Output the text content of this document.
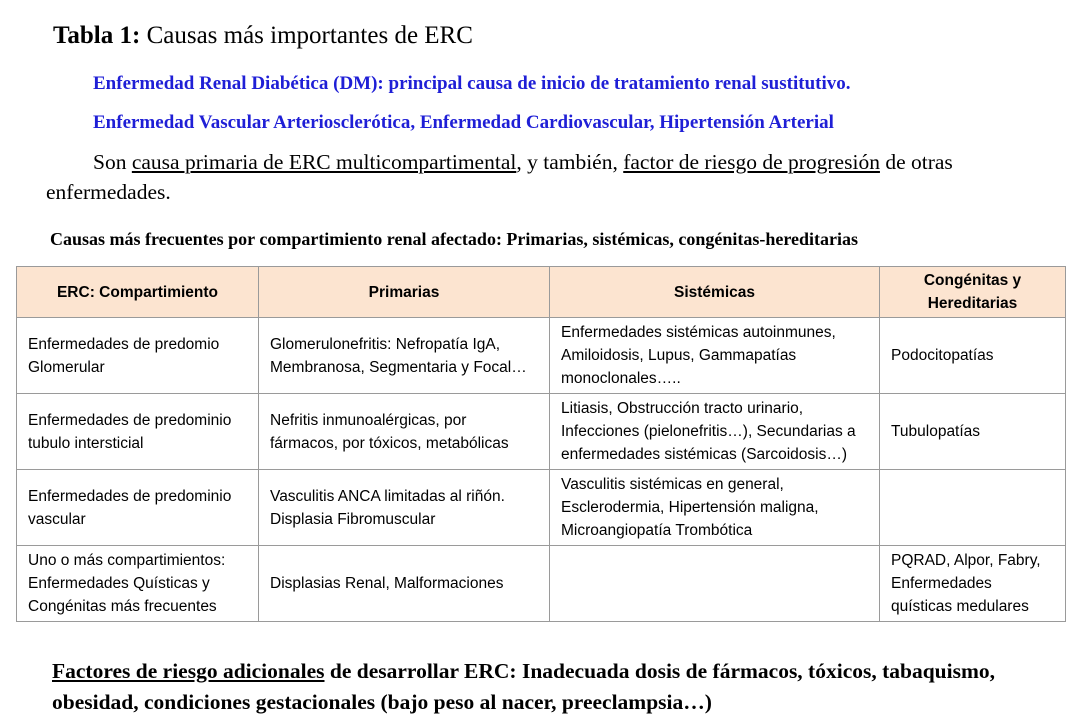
Tabla 1: Causas más importantes de ERC
Enfermedad Renal Diabética (DM): principal causa de inicio de tratamiento renal sustitutivo.
Enfermedad Vascular Arteriosclerótica, Enfermedad Cardiovascular, Hipertensión Arterial
Son causa primaria de ERC multicompartimental, y también, factor de riesgo de progresión de otras enfermedades.
Causas más frecuentes por compartimiento renal afectado: Primarias, sistémicas, congénitas-hereditarias
ERC: Compartimiento	Primarias	Sistémicas	Congénitas y Hereditarias
Enfermedades de predomio Glomerular	Glomerulonefritis: Nefropatía IgA, Membranosa, Segmentaria y Focal…	Enfermedades sistémicas autoinmunes, Amiloidosis, Lupus, Gammapatías monoclonales…..	Podocitopatías
Enfermedades de predominio tubulo intersticial	Nefritis inmunoalérgicas, por fármacos, por tóxicos, metabólicas	Litiasis, Obstrucción tracto urinario, Infecciones (pielonefritis…), Secundarias a enfermedades sistémicas (Sarcoidosis…)	Tubulopatías
Enfermedades de predominio vascular	Vasculitis ANCA limitadas al riñón. Displasia Fibromuscular	Vasculitis sistémicas en general, Esclerodermia, Hipertensión maligna, Microangiopatía Trombótica	
Uno o más compartimientos: Enfermedades Quísticas y Congénitas más frecuentes	Displasias Renal, Malformaciones		PQRAD, Alpor, Fabry, Enfermedades quísticas medulares
Factores de riesgo adicionales de desarrollar ERC: Inadecuada dosis de fármacos, tóxicos, tabaquismo, obesidad, condiciones gestacionales (bajo peso al nacer, preeclampsia…)
